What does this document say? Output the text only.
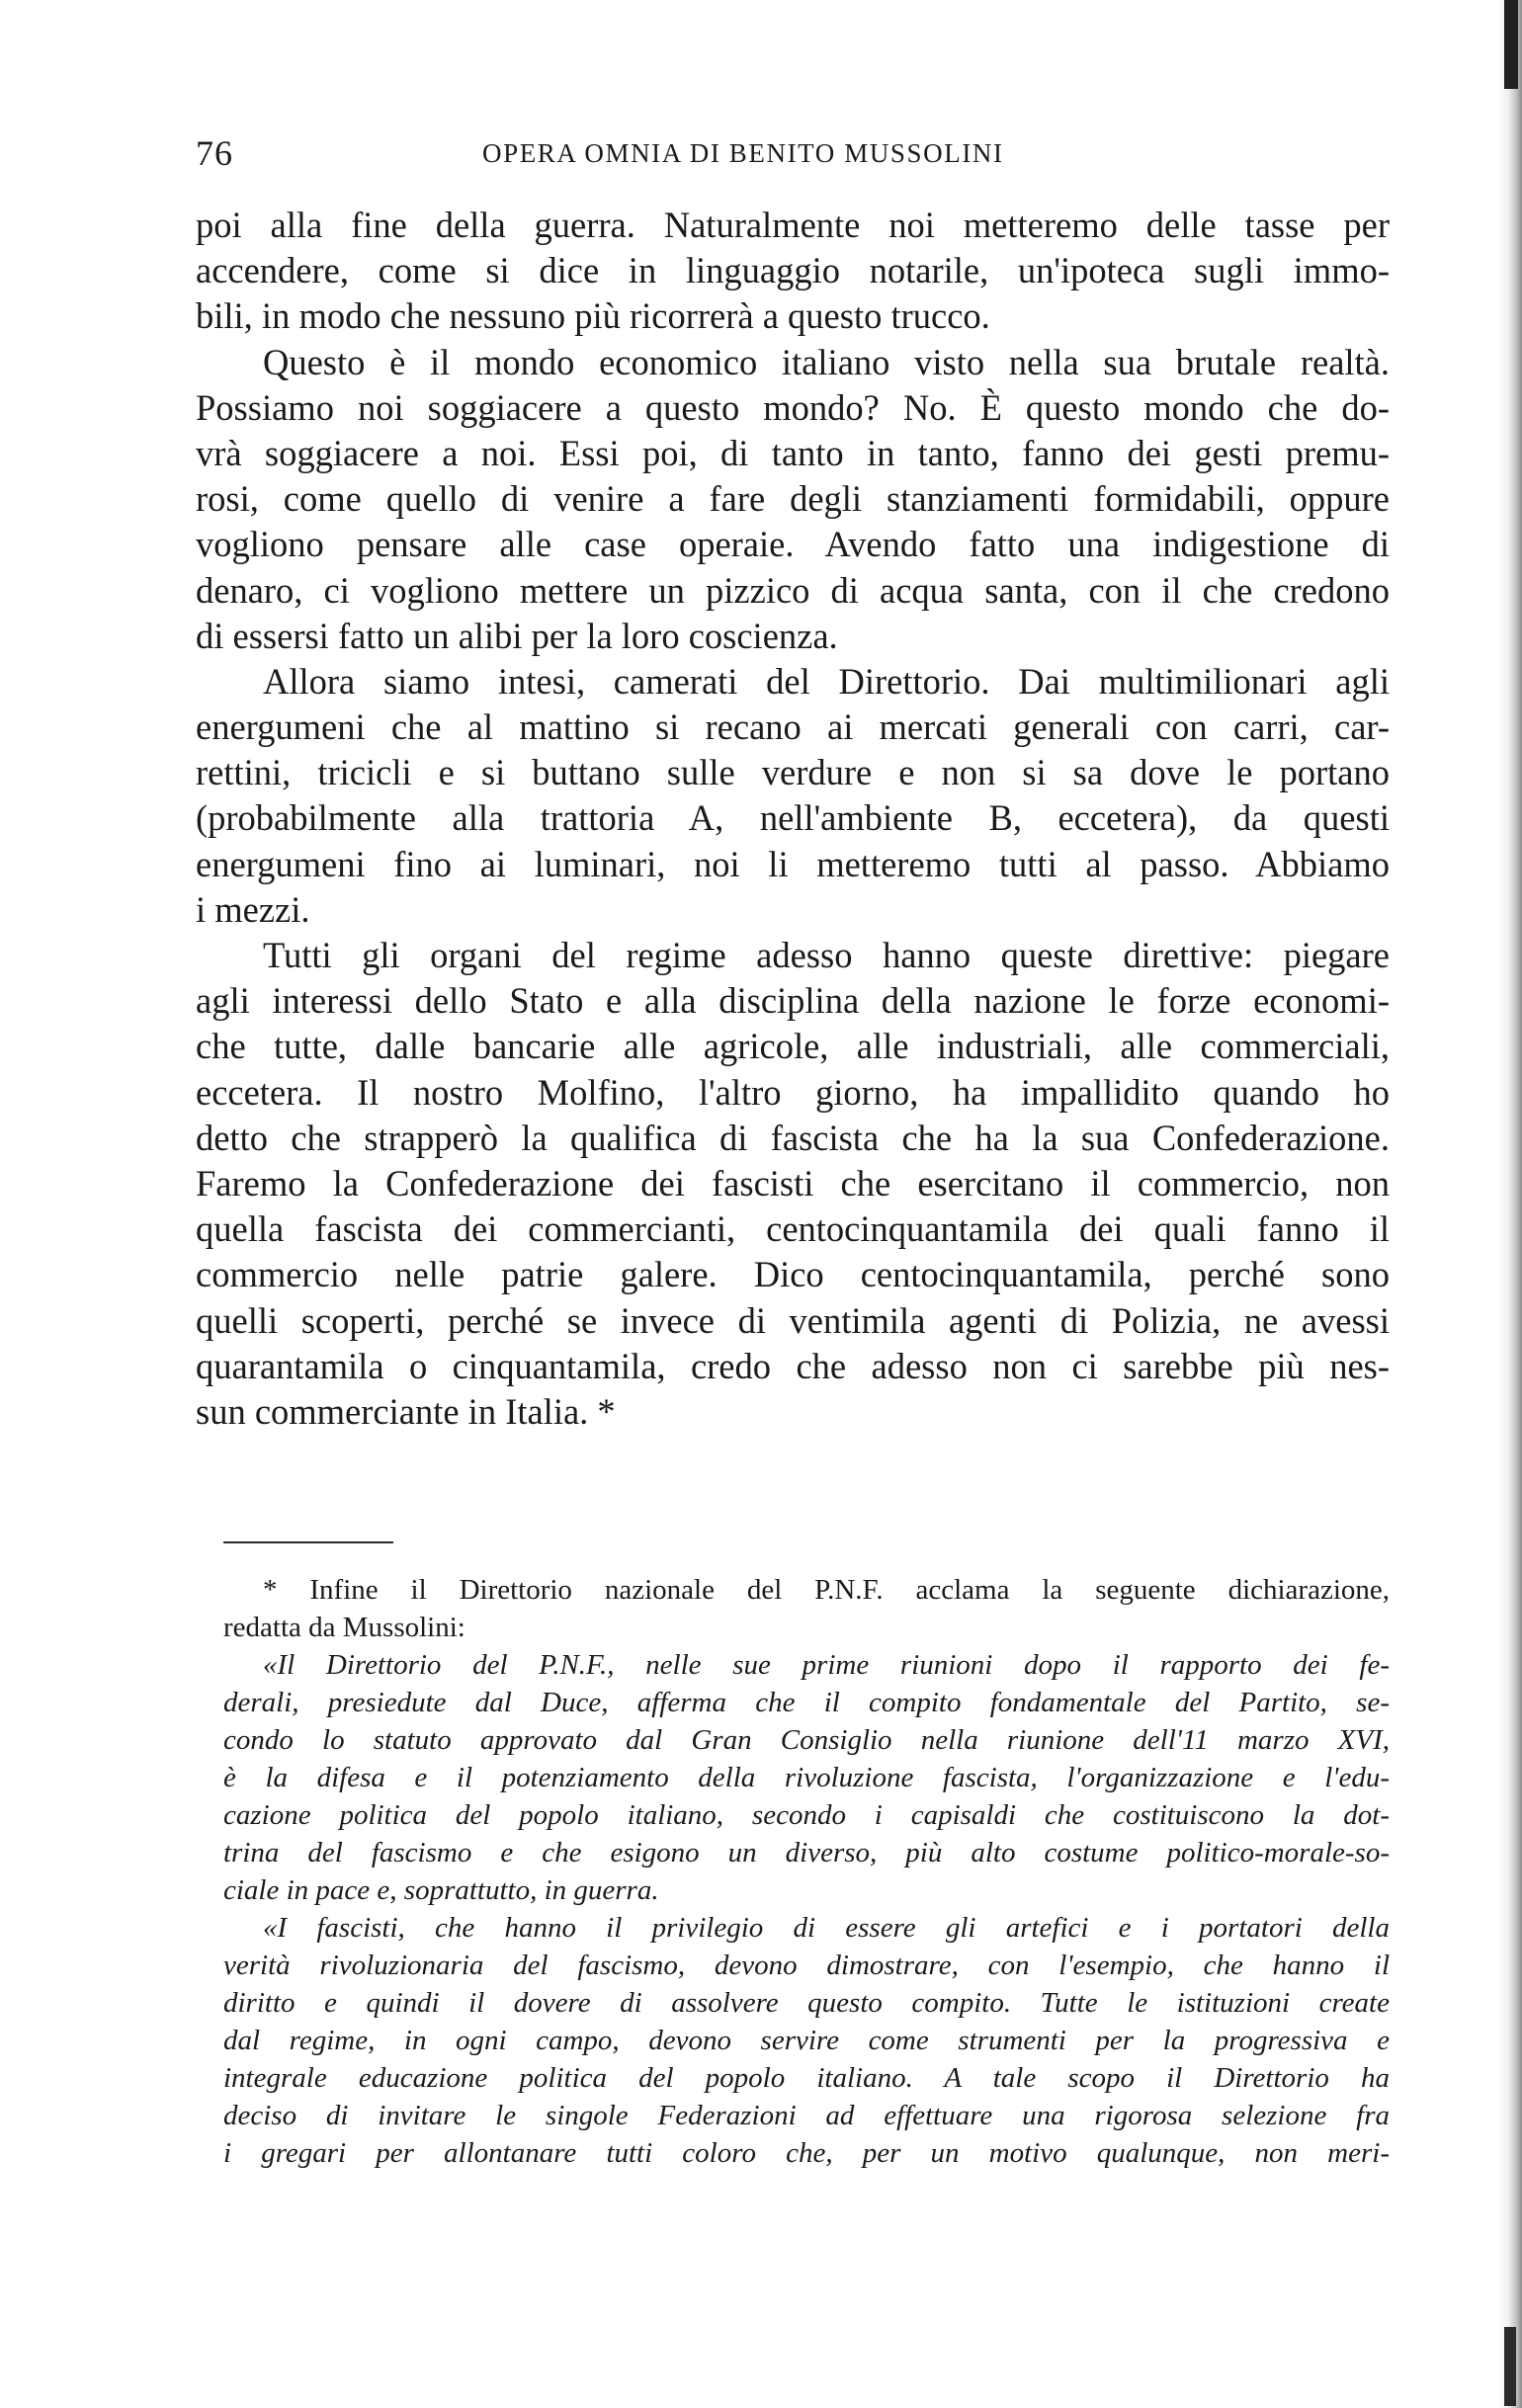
76	OPERA OMNIA DI BENITO MUSSOLINI
poi alla fine della guerra. Naturalmente noi metteremo delle tasse per
accendere, come si dice in linguaggio notarile, un'ipoteca sugli immo-
bili, in modo che nessuno più ricorrerà a questo trucco.
Questo è il mondo economico italiano visto nella sua brutale realtà.
Possiamo noi soggiacere a questo mondo? No. È questo mondo che do-
vrà soggiacere a noi. Essi poi, di tanto in tanto, fanno dei gesti premu-
rosi, come quello di venire a fare degli stanziamenti formidabili, oppure
vogliono pensare alle case operaie. Avendo fatto una indigestione di
denaro, ci vogliono mettere un pizzico di acqua santa, con il che credono
di essersi fatto un alibi per la loro coscienza.
Allora siamo intesi, camerati del Direttorio. Dai multimilionari agli
energumeni che al mattino si recano ai mercati generali con carri, car-
rettini, tricicli e si buttano sulle verdure e non si sa dove le portano
(probabilmente alla trattoria A, nell'ambiente B, eccetera), da questi
energumeni fino ai luminari, noi li metteremo tutti al passo. Abbiamo
i mezzi.
Tutti gli organi del regime adesso hanno queste direttive: piegare
agli interessi dello Stato e alla disciplina della nazione le forze economi-
che tutte, dalle bancarie alle agricole, alle industriali, alle commerciali,
eccetera. Il nostro Molfino, l'altro giorno, ha impallidito quando ho
detto che strapperò la qualifica di fascista che ha la sua Confederazione.
Faremo la Confederazione dei fascisti che esercitano il commercio, non
quella fascista dei commercianti, centocinquantamila dei quali fanno il
commercio nelle patrie galere. Dico centocinquantamila, perché sono
quelli scoperti, perché se invece di ventimila agenti di Polizia, ne avessi
quarantamila o cinquantamila, credo che adesso non ci sarebbe più nes-
sun commerciante in Italia. *
* Infine il Direttorio nazionale del P.N.F. acclama la seguente dichiarazione,
redatta da Mussolini:
«Il Direttorio del P.N.F., nelle sue prime riunioni dopo il rapporto dei fe-
derali, presiedute dal Duce, afferma che il compito fondamentale del Partito, se-
condo lo statuto approvato dal Gran Consiglio nella riunione dell'11 marzo XVI,
è la difesa e il potenziamento della rivoluzione fascista, l'organizzazione e l'edu-
cazione politica del popolo italiano, secondo i capisaldi che costituiscono la dot-
trina del fascismo e che esigono un diverso, più alto costume politico-morale-so-
ciale in pace e, soprattutto, in guerra.
«I fascisti, che hanno il privilegio di essere gli artefici e i portatori della
verità rivoluzionaria del fascismo, devono dimostrare, con l'esempio, che hanno il
diritto e quindi il dovere di assolvere questo compito. Tutte le istituzioni create
dal regime, in ogni campo, devono servire come strumenti per la progressiva e
integrale educazione politica del popolo italiano. A tale scopo il Direttorio ha
deciso di invitare le singole Federazioni ad effettuare una rigorosa selezione fra
i gregari per allontanare tutti coloro che, per un motivo qualunque, non meri-
